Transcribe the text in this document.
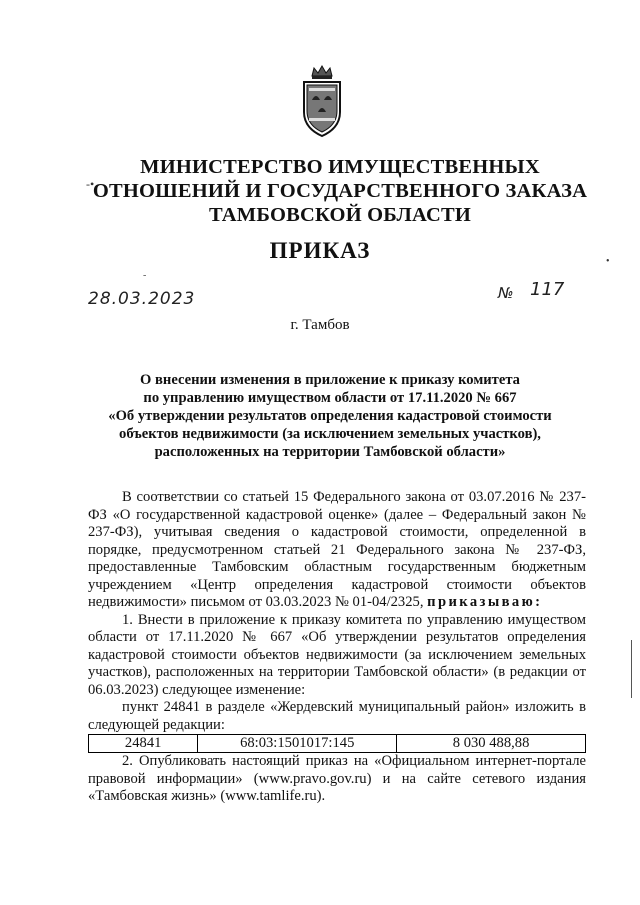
-•
•
‐
МИНИСТЕРСТВО ИМУЩЕСТВЕННЫХ
ОТНОШЕНИЙ И ГОСУДАРСТВЕННОГО ЗАКАЗА
ТАМБОВСКОЙ ОБЛАСТИ
ПРИКАЗ
28.03.2023	№ 117
г. Тамбов
О внесении изменения в приложение к приказу комитета
по управлению имуществом области от 17.11.2020 № 667
«Об утверждении результатов определения кадастровой стоимости
объектов недвижимости (за исключением земельных участков),
расположенных на территории Тамбовской области»
В соответствии со статьей 15 Федерального закона от 03.07.2016 № 237-ФЗ «О государственной кадастровой оценке» (далее – Федеральный закон № 237-ФЗ), учитывая сведения о кадастровой стоимости, определенной в порядке, предусмотренном статьей 21 Федерального закона № 237-ФЗ, предоставленные Тамбовским областным государственным бюджетным учреждением «Центр определения кадастровой стоимости объектов недвижимости» письмом от 03.03.2023 № 01-04/2325, приказываю:
1. Внести в приложение к приказу комитета по управлению имуществом области от 17.11.2020 № 667 «Об утверждении результатов определения кадастровой стоимости объектов недвижимости (за исключением земельных участков), расположенных на территории Тамбовской области» (в редакции от 06.03.2023) следующее изменение:
пункт 24841 в разделе «Жердевский муниципальный район» изложить в следующей редакции:
24841	68:03:1501017:145	8 030 488,88
2. Опубликовать настоящий приказ на «Официальном интернет-портале правовой информации» (www.pravo.gov.ru) и на сайте сетевого издания «Тамбовская жизнь» (www.tamlife.ru).
